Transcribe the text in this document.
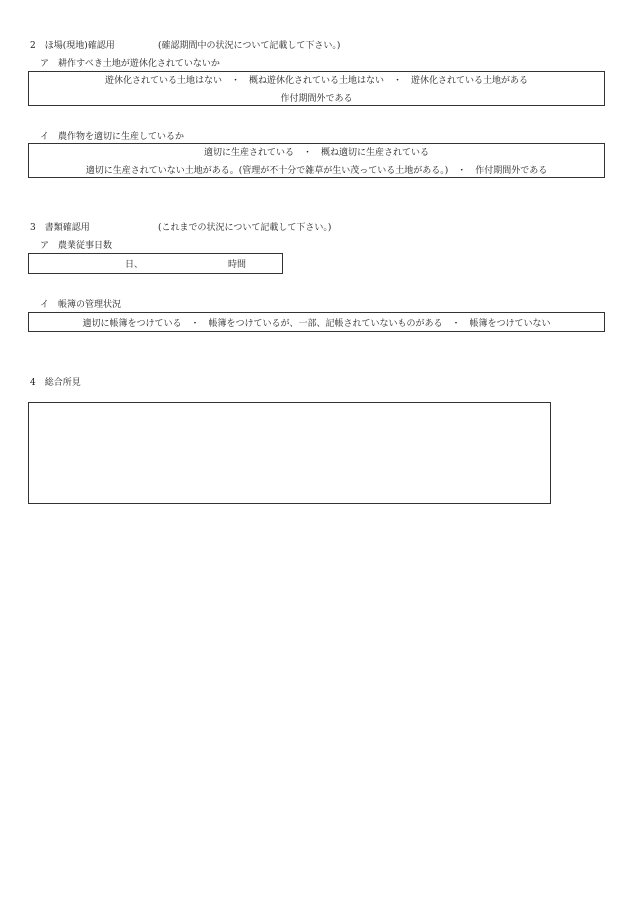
2　ほ場(現地)確認用	(確認期間中の状況について記載して下さい。)
ア　耕作すべき土地が遊休化されていないか
遊休化されている土地はない　・　概ね遊休化されている土地はない　・　遊休化されている土地がある
作付期間外である
イ　農作物を適切に生産しているか
適切に生産されている　・　概ね適切に生産されている
適切に生産されていない土地がある。(管理が不十分で雑草が生い茂っている土地がある。)　・　作付期間外である
3　書類確認用	(これまでの状況について記載して下さい。)
ア　農業従事日数
日、	時間
イ　帳簿の管理状況
適切に帳簿をつけている　・　帳簿をつけているが、一部、記帳されていないものがある　・　帳簿をつけていない
4　総合所見
